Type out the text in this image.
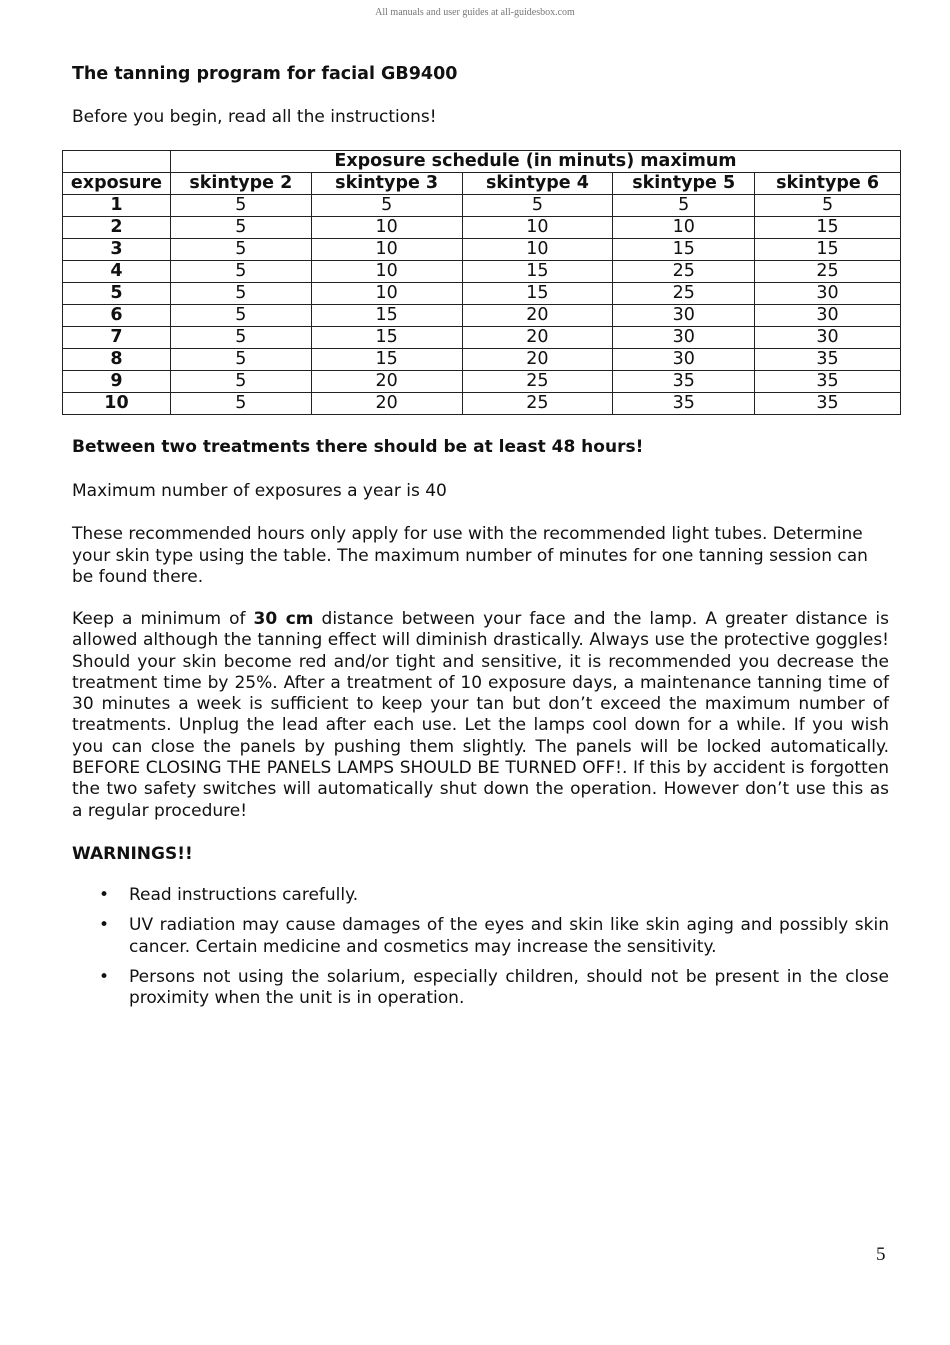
All manuals and user guides at all-guidesbox.com
The tanning program for facial GB9400
Before you begin, read all the instructions!
	Exposure schedule (in minuts) maximum				
exposure	skintype 2	skintype 3	skintype 4	skintype 5	skintype 6
1	5	5	5	5	5
2	5	10	10	10	15
3	5	10	10	15	15
4	5	10	15	25	25
5	5	10	15	25	30
6	5	15	20	30	30
7	5	15	20	30	30
8	5	15	20	30	35
9	5	20	25	35	35
10	5	20	25	35	35
Between two treatments there should be at least 48 hours!
Maximum number of exposures a year is 40
These recommended hours only apply for use with the recommended light tubes. Determine your skin type using the table. The maximum number of minutes for one tanning session can be found there.
Keep a minimum of 30 cm distance between your face and the lamp. A greater distance is allowed although the tanning effect will diminish drastically. Always use the protective goggles! Should your skin become red and/or tight and sensitive, it is recommended you decrease the treatment time by 25%. After a treatment of 10 exposure days, a maintenance tanning time of 30 minutes a week is sufficient to keep your tan but don’t exceed the maximum number of treatments. Unplug the lead after each use. Let the lamps cool down for a while. If you wish you can close the panels by pushing them slightly. The panels will be locked automatically. BEFORE CLOSING THE PANELS LAMPS SHOULD BE TURNED OFF!. If this by accident is forgotten the two safety switches will automatically shut down the operation. However don’t use this as a regular procedure!
WARNINGS!!
• Read instructions carefully.
• UV radiation may cause damages of the eyes and skin like skin aging and possibly skin cancer. Certain medicine and cosmetics may increase the sensitivity.
• Persons not using the solarium, especially children, should not be present in the close proximity when the unit is in operation.
5
